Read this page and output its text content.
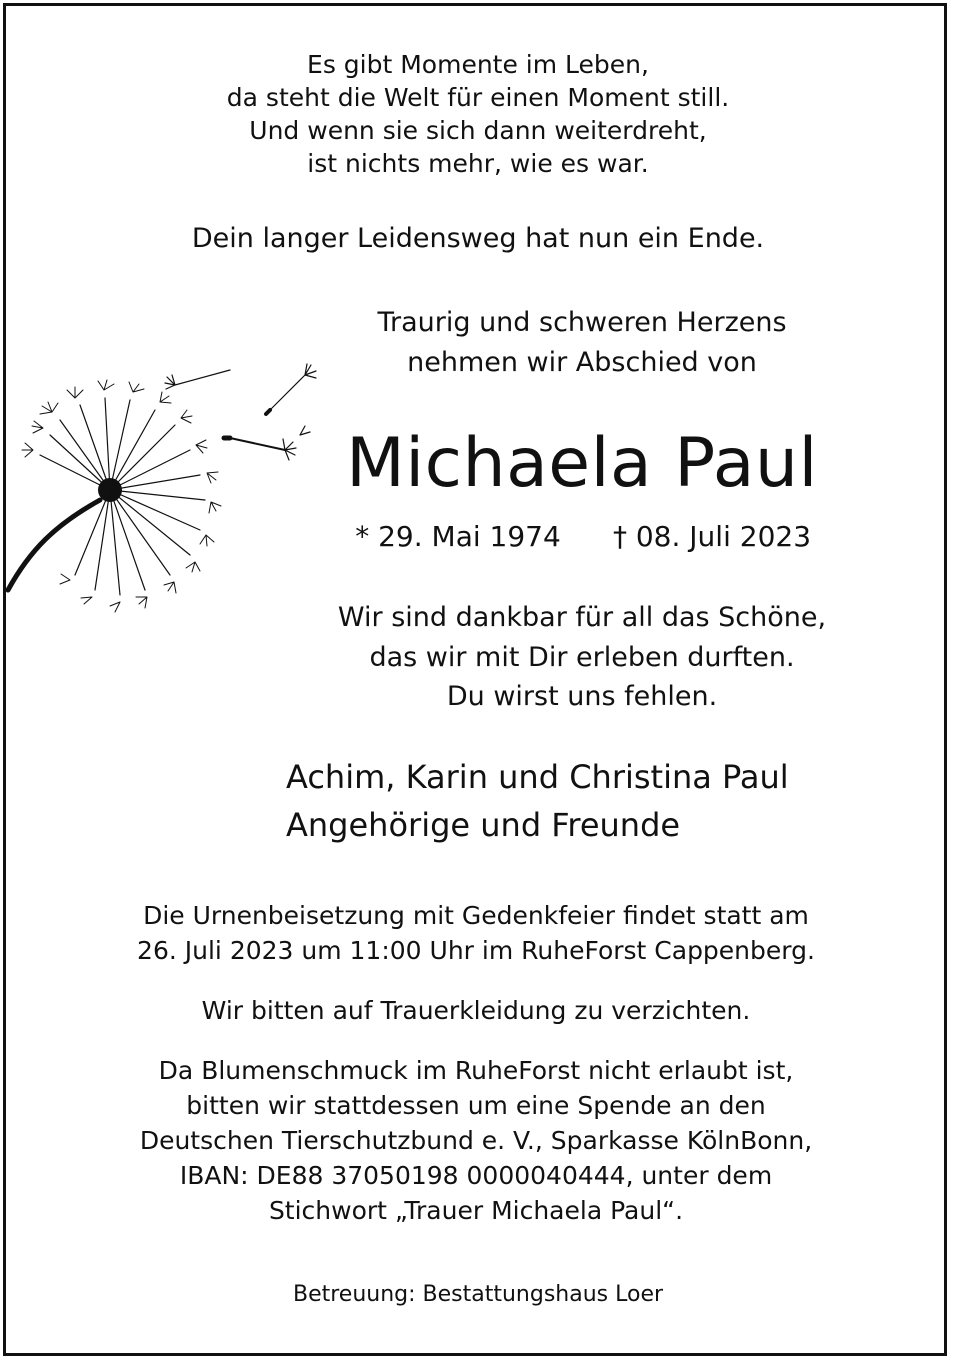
Es gibt Momente im Leben,
da steht die Welt für einen Moment still.
Und wenn sie sich dann weiterdreht,
ist nichts mehr, wie es war.
Dein langer Leidensweg hat nun ein Ende.
Traurig und schweren Herzens
nehmen wir Abschied von
Michaela Paul
* 29. Mai 1974 † 08. Juli 2023
Wir sind dankbar für all das Schöne,
das wir mit Dir erleben durften.
Du wirst uns fehlen.
Achim, Karin und Christina Paul
Angehörige und Freunde
Die Urnenbeisetzung mit Gedenkfeier findet statt am
26. Juli 2023 um 11:00 Uhr im RuheForst Cappenberg.
Wir bitten auf Trauerkleidung zu verzichten.
Da Blumenschmuck im RuheForst nicht erlaubt ist,
bitten wir stattdessen um eine Spende an den
Deutschen Tierschutzbund e. V., Sparkasse KölnBonn,
IBAN: DE88 37050198 0000040444, unter dem
Stichwort „Trauer Michaela Paul“.
Betreuung: Bestattungshaus Loer
